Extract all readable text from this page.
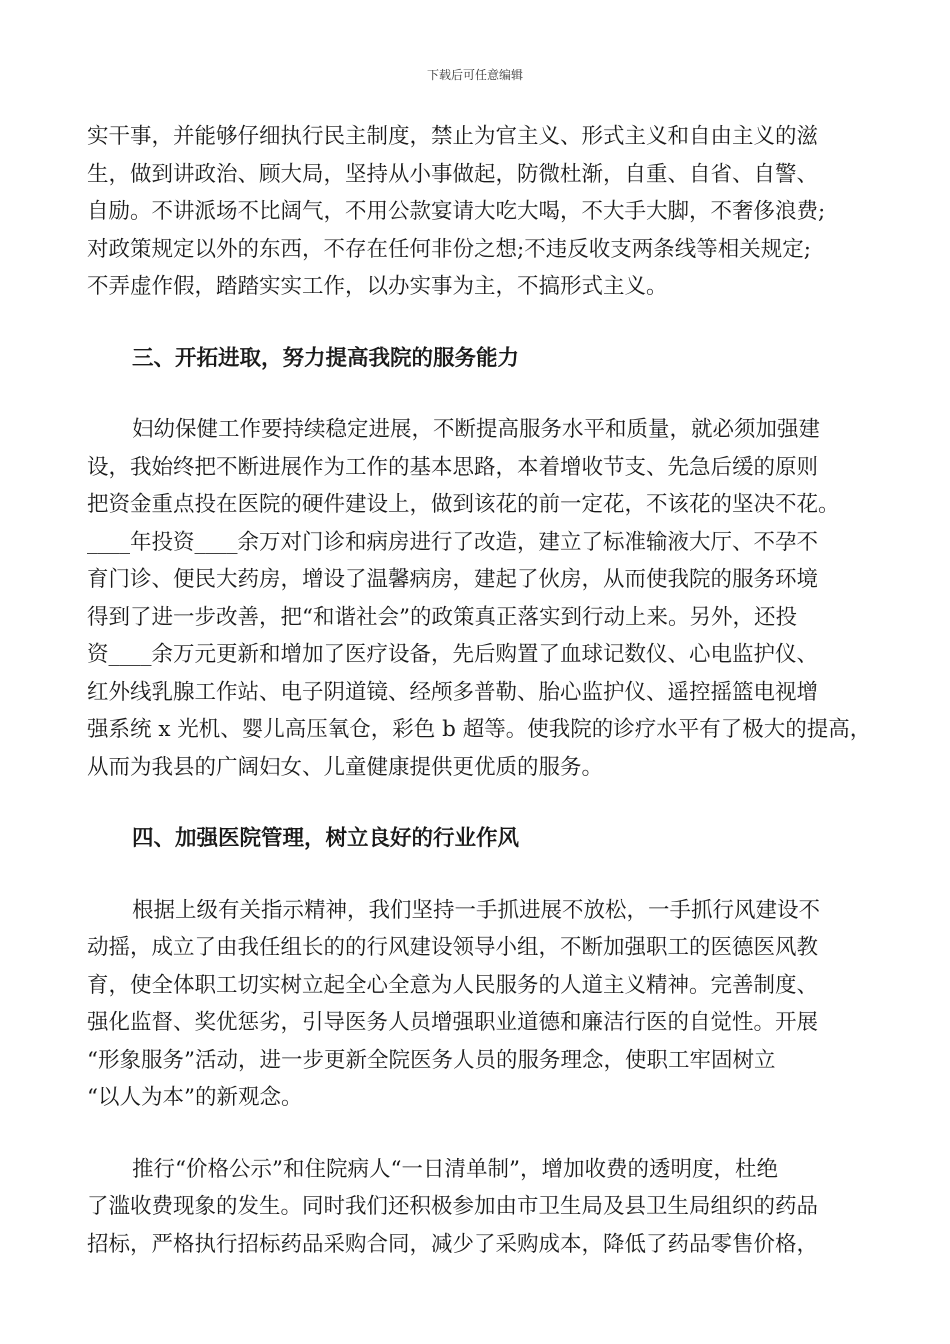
下载后可任意编辑
实干事，并能够仔细执行民主制度，禁止为官主义、形式主义和自由主义的滋
生，做到讲政治、顾大局，坚持从小事做起，防微杜渐，自重、自省、自警、
自励。不讲派场不比阔气，不用公款宴请大吃大喝，不大手大脚，不奢侈浪费;
对政策规定以外的东西，不存在任何非份之想;不违反收支两条线等相关规定;
不弄虚作假，踏踏实实工作，以办实事为主，不搞形式主义。
三、开拓进取，努力提高我院的服务能力
妇幼保健工作要持续稳定进展，不断提高服务水平和质量，就必须加强建
设，我始终把不断进展作为工作的基本思路，本着增收节支、先急后缓的原则
把资金重点投在医院的硬件建设上，做到该花的前一定花，不该花的坚决不花。
____年投资____余万对门诊和病房进行了改造，建立了标准输液大厅、不孕不
育门诊、便民大药房，增设了温馨病房，建起了伙房，从而使我院的服务环境
得到了进一步改善，把“和谐社会”的政策真正落实到行动上来。另外，还投
资____余万元更新和增加了医疗设备，先后购置了血球记数仪、心电监护仪、
红外线乳腺工作站、电子阴道镜、经颅多普勒、胎心监护仪、遥控摇篮电视增
强系统 x 光机、婴儿高压氧仓，彩色 b 超等。使我院的诊疗水平有了极大的提高，
从而为我县的广阔妇女、儿童健康提供更优质的服务。
四、加强医院管理，树立良好的行业作风
根据上级有关指示精神，我们坚持一手抓进展不放松，一手抓行风建设不
动摇，成立了由我任组长的的行风建设领导小组，不断加强职工的医德医风教
育，使全体职工切实树立起全心全意为人民服务的人道主义精神。完善制度、
强化监督、奖优惩劣，引导医务人员增强职业道德和廉洁行医的自觉性。开展
“形象服务”活动，进一步更新全院医务人员的服务理念，使职工牢固树立
“以人为本”的新观念。
推行“价格公示”和住院病人“一日清单制”，增加收费的透明度，杜绝
了滥收费现象的发生。同时我们还积极参加由市卫生局及县卫生局组织的药品
招标，严格执行招标药品采购合同，减少了采购成本，降低了药品零售价格，
